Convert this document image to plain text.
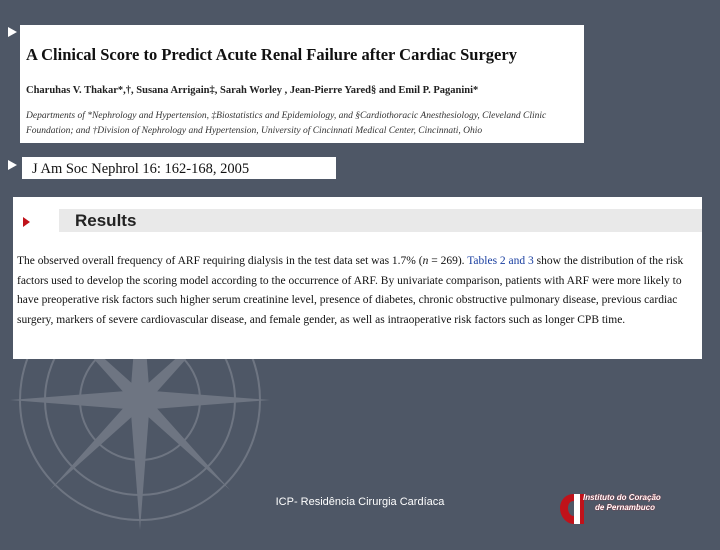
A Clinical Score to Predict Acute Renal Failure after Cardiac Surgery
Charuhas V. Thakar*,†, Susana Arrigain‡, Sarah Worley , Jean-Pierre Yared§ and Emil P. Paganini*
Departments of *Nephrology and Hypertension, ‡Biostatistics and Epidemiology, and §Cardiothoracic Anesthesiology, Cleveland Clinic Foundation; and †Division of Nephrology and Hypertension, University of Cincinnati Medical Center, Cincinnati, Ohio
J Am Soc Nephrol 16: 162-168, 2005
Results
The observed overall frequency of ARF requiring dialysis in the test data set was 1.7% (n = 269). Tables 2 and 3 show the distribution of the risk factors used to develop the scoring model according to the occurrence of ARF. By univariate comparison, patients with ARF were more likely to have preoperative risk factors such higher serum creatinine level, presence of diabetes, chronic obstructive pulmonary disease, previous cardiac surgery, markers of severe cardiovascular disease, and female gender, as well as intraoperative risk factors such as longer CPB time.
ICP- Residência Cirurgia Cardíaca	Instituto do Coração
de Pernambuco
